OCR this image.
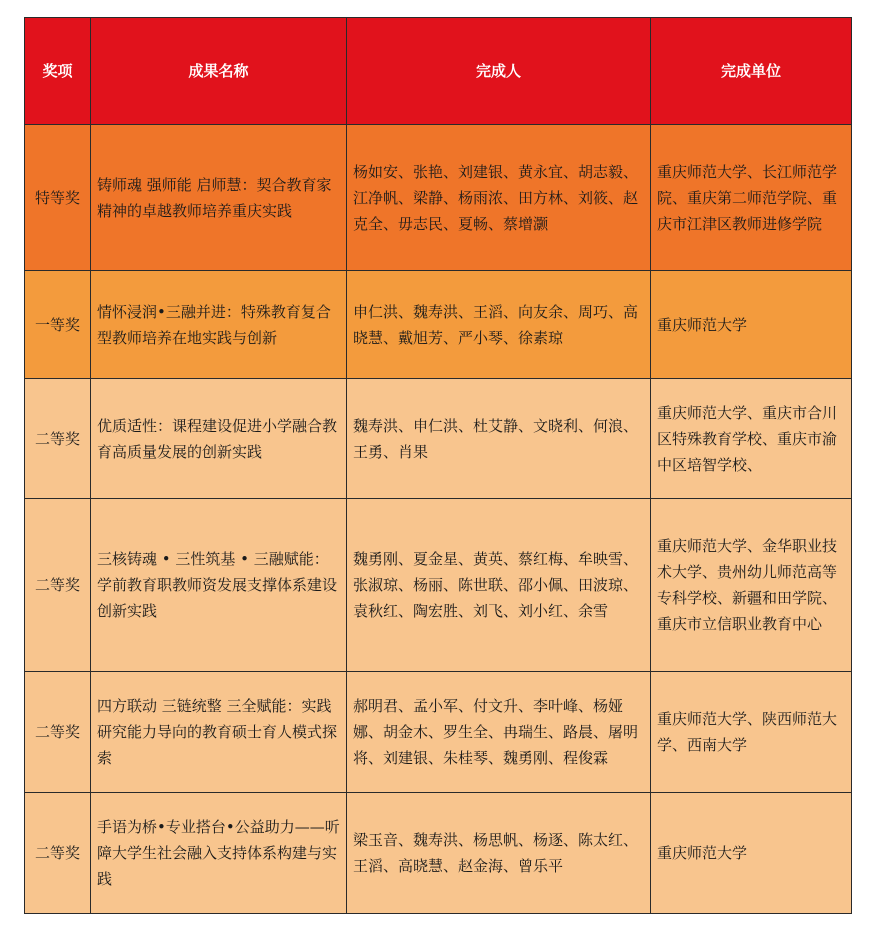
奖项	成果名称	完成人	完成单位
特等奖	铸师魂 强师能 启师慧：契合教育家精神的卓越教师培养重庆实践	杨如安、张艳、刘建银、黄永宜、胡志毅、江净帆、梁静、杨雨浓、田方林、刘筱、赵克全、毋志民、夏畅、蔡增灏	重庆师范大学、长江师范学院、重庆第二师范学院、重庆市江津区教师进修学院
一等奖	情怀浸润•三融并进：特殊教育复合型教师培养在地实践与创新	申仁洪、魏寿洪、王滔、向友余、周巧、高晓慧、戴旭芳、严小琴、徐素琼	重庆师范大学
二等奖	优质适性：课程建设促进小学融合教育高质量发展的创新实践	魏寿洪、申仁洪、杜艾静、文晓利、何浪、王勇、肖果	重庆师范大学、重庆市合川区特殊教育学校、重庆市渝中区培智学校、
二等奖	三核铸魂 • 三性筑基 • 三融赋能：学前教育职教师资发展支撑体系建设创新实践	魏勇刚、夏金星、黄英、蔡红梅、牟映雪、张淑琼、杨丽、陈世联、邵小佩、田波琼、袁秋红、陶宏胜、刘飞、刘小红、余雪	重庆师范大学、金华职业技术大学、贵州幼儿师范高等专科学校、新疆和田学院、重庆市立信职业教育中心
二等奖	四方联动 三链统整 三全赋能：实践研究能力导向的教育硕士育人模式探索	郝明君、孟小军、付文升、李叶峰、杨娅娜、胡金木、罗生全、冉瑞生、路晨、屠明将、刘建银、朱桂琴、魏勇刚、程俊霖	重庆师范大学、陕西师范大学、西南大学
二等奖	手语为桥•专业搭台•公益助力——听障大学生社会融入支持体系构建与实践	梁玉音、魏寿洪、杨思帆、杨逐、陈太红、王滔、高晓慧、赵金海、曾乐平	重庆师范大学
